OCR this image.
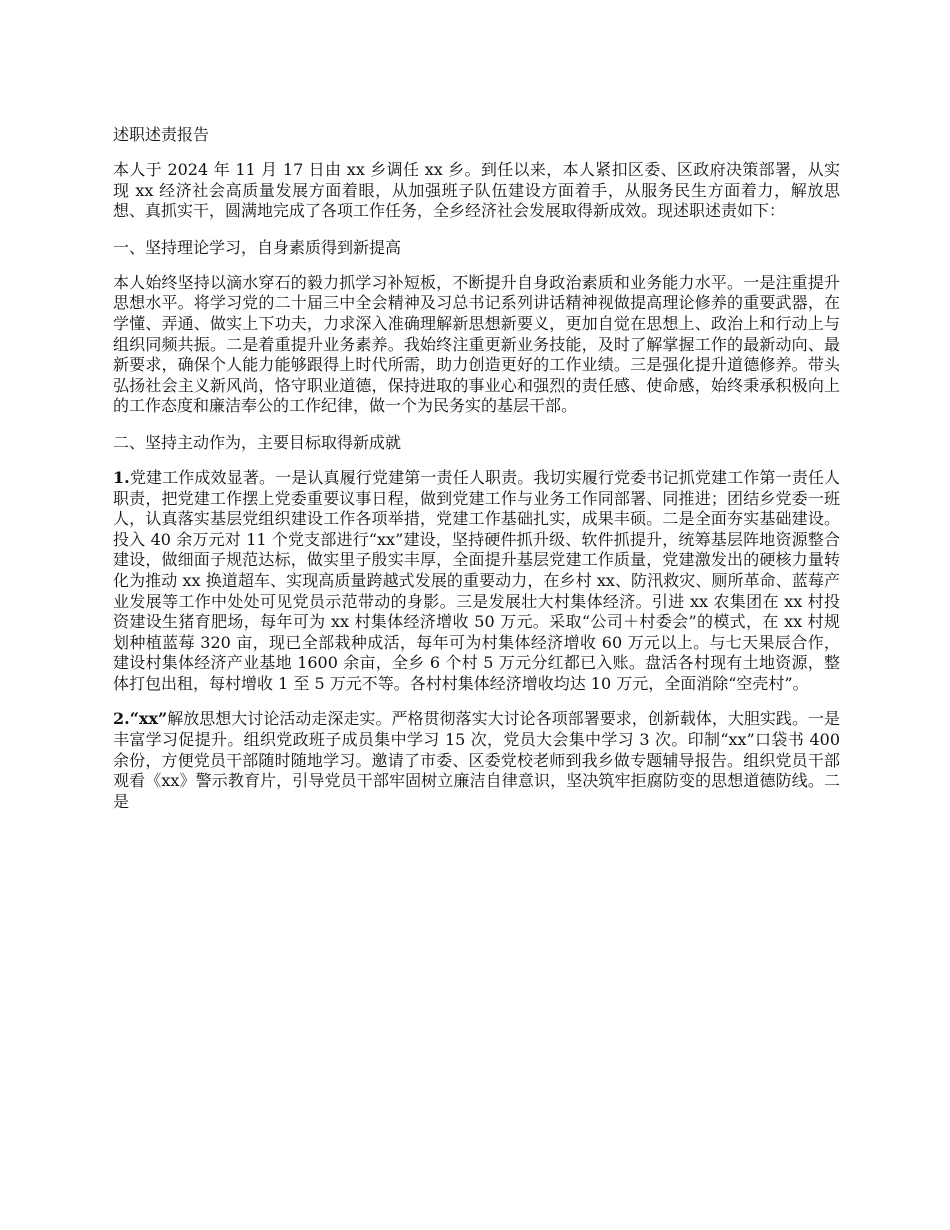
述职述责报告

本人于 2024 年 11 月 17 日由 xx 乡调任 xx 乡。到任以来，本人紧扣区委、区政府决策部署，从实现 xx 经济社会高质量发展方面着眼，从加强班子队伍建设方面着手，从服务民生方面着力，解放思想、真抓实干，圆满地完成了各项工作任务，全乡经济社会发展取得新成效。现述职述责如下：

一、坚持理论学习，自身素质得到新提高

本人始终坚持以滴水穿石的毅力抓学习补短板，不断提升自身政治素质和业务能力水平。一是注重提升思想水平。将学习党的二十届三中全会精神及习总书记系列讲话精神视做提高理论修养的重要武器，在学懂、弄通、做实上下功夫，力求深入准确理解新思想新要义，更加自觉在思想上、政治上和行动上与组织同频共振。二是着重提升业务素养。我始终注重更新业务技能，及时了解掌握工作的最新动向、最新要求，确保个人能力能够跟得上时代所需，助力创造更好的工作业绩。三是强化提升道德修养。带头弘扬社会主义新风尚，恪守职业道德，保持进取的事业心和强烈的责任感、使命感，始终秉承积极向上的工作态度和廉洁奉公的工作纪律，做一个为民务实的基层干部。

二、坚持主动作为，主要目标取得新成就

1.党建工作成效显著。一是认真履行党建第一责任人职责。我切实履行党委书记抓党建工作第一责任人职责，把党建工作摆上党委重要议事日程，做到党建工作与业务工作同部署、同推进；团结乡党委一班人，认真落实基层党组织建设工作各项举措，党建工作基础扎实，成果丰硕。二是全面夯实基础建设。投入 40 余万元对 11 个党支部进行“xx”建设，坚持硬件抓升级、软件抓提升，统筹基层阵地资源整合建设，做细面子规范达标，做实里子殷实丰厚，全面提升基层党建工作质量，党建激发出的硬核力量转化为推动 xx 换道超车、实现高质量跨越式发展的重要动力，在乡村 xx、防汛救灾、厕所革命、蓝莓产业发展等工作中处处可见党员示范带动的身影。三是发展壮大村集体经济。引进 xx 农集团在 xx 村投资建设生猪育肥场，每年可为 xx 村集体经济增收 50 万元。采取“公司＋村委会”的模式，在 xx 村规划种植蓝莓 320 亩，现已全部栽种成活，每年可为村集体经济增收 60 万元以上。与七天果辰合作，建设村集体经济产业基地 1600 余亩，全乡 6 个村 5 万元分红都已入账。盘活各村现有土地资源，整体打包出租，每村增收 1 至 5 万元不等。各村村集体经济增收均达 10 万元，全面消除“空壳村”。

2.“xx”解放思想大讨论活动走深走实。严格贯彻落实大讨论各项部署要求，创新载体，大胆实践。一是丰富学习促提升。组织党政班子成员集中学习 15 次，党员大会集中学习 3 次。印制“xx”口袋书 400 余份，方便党员干部随时随地学习。邀请了市委、区委党校老师到我乡做专题辅导报告。组织党员干部观看《xx》警示教育片，引导党员干部牢固树立廉洁自律意识，坚决筑牢拒腐防变的思想道德防线。二是
